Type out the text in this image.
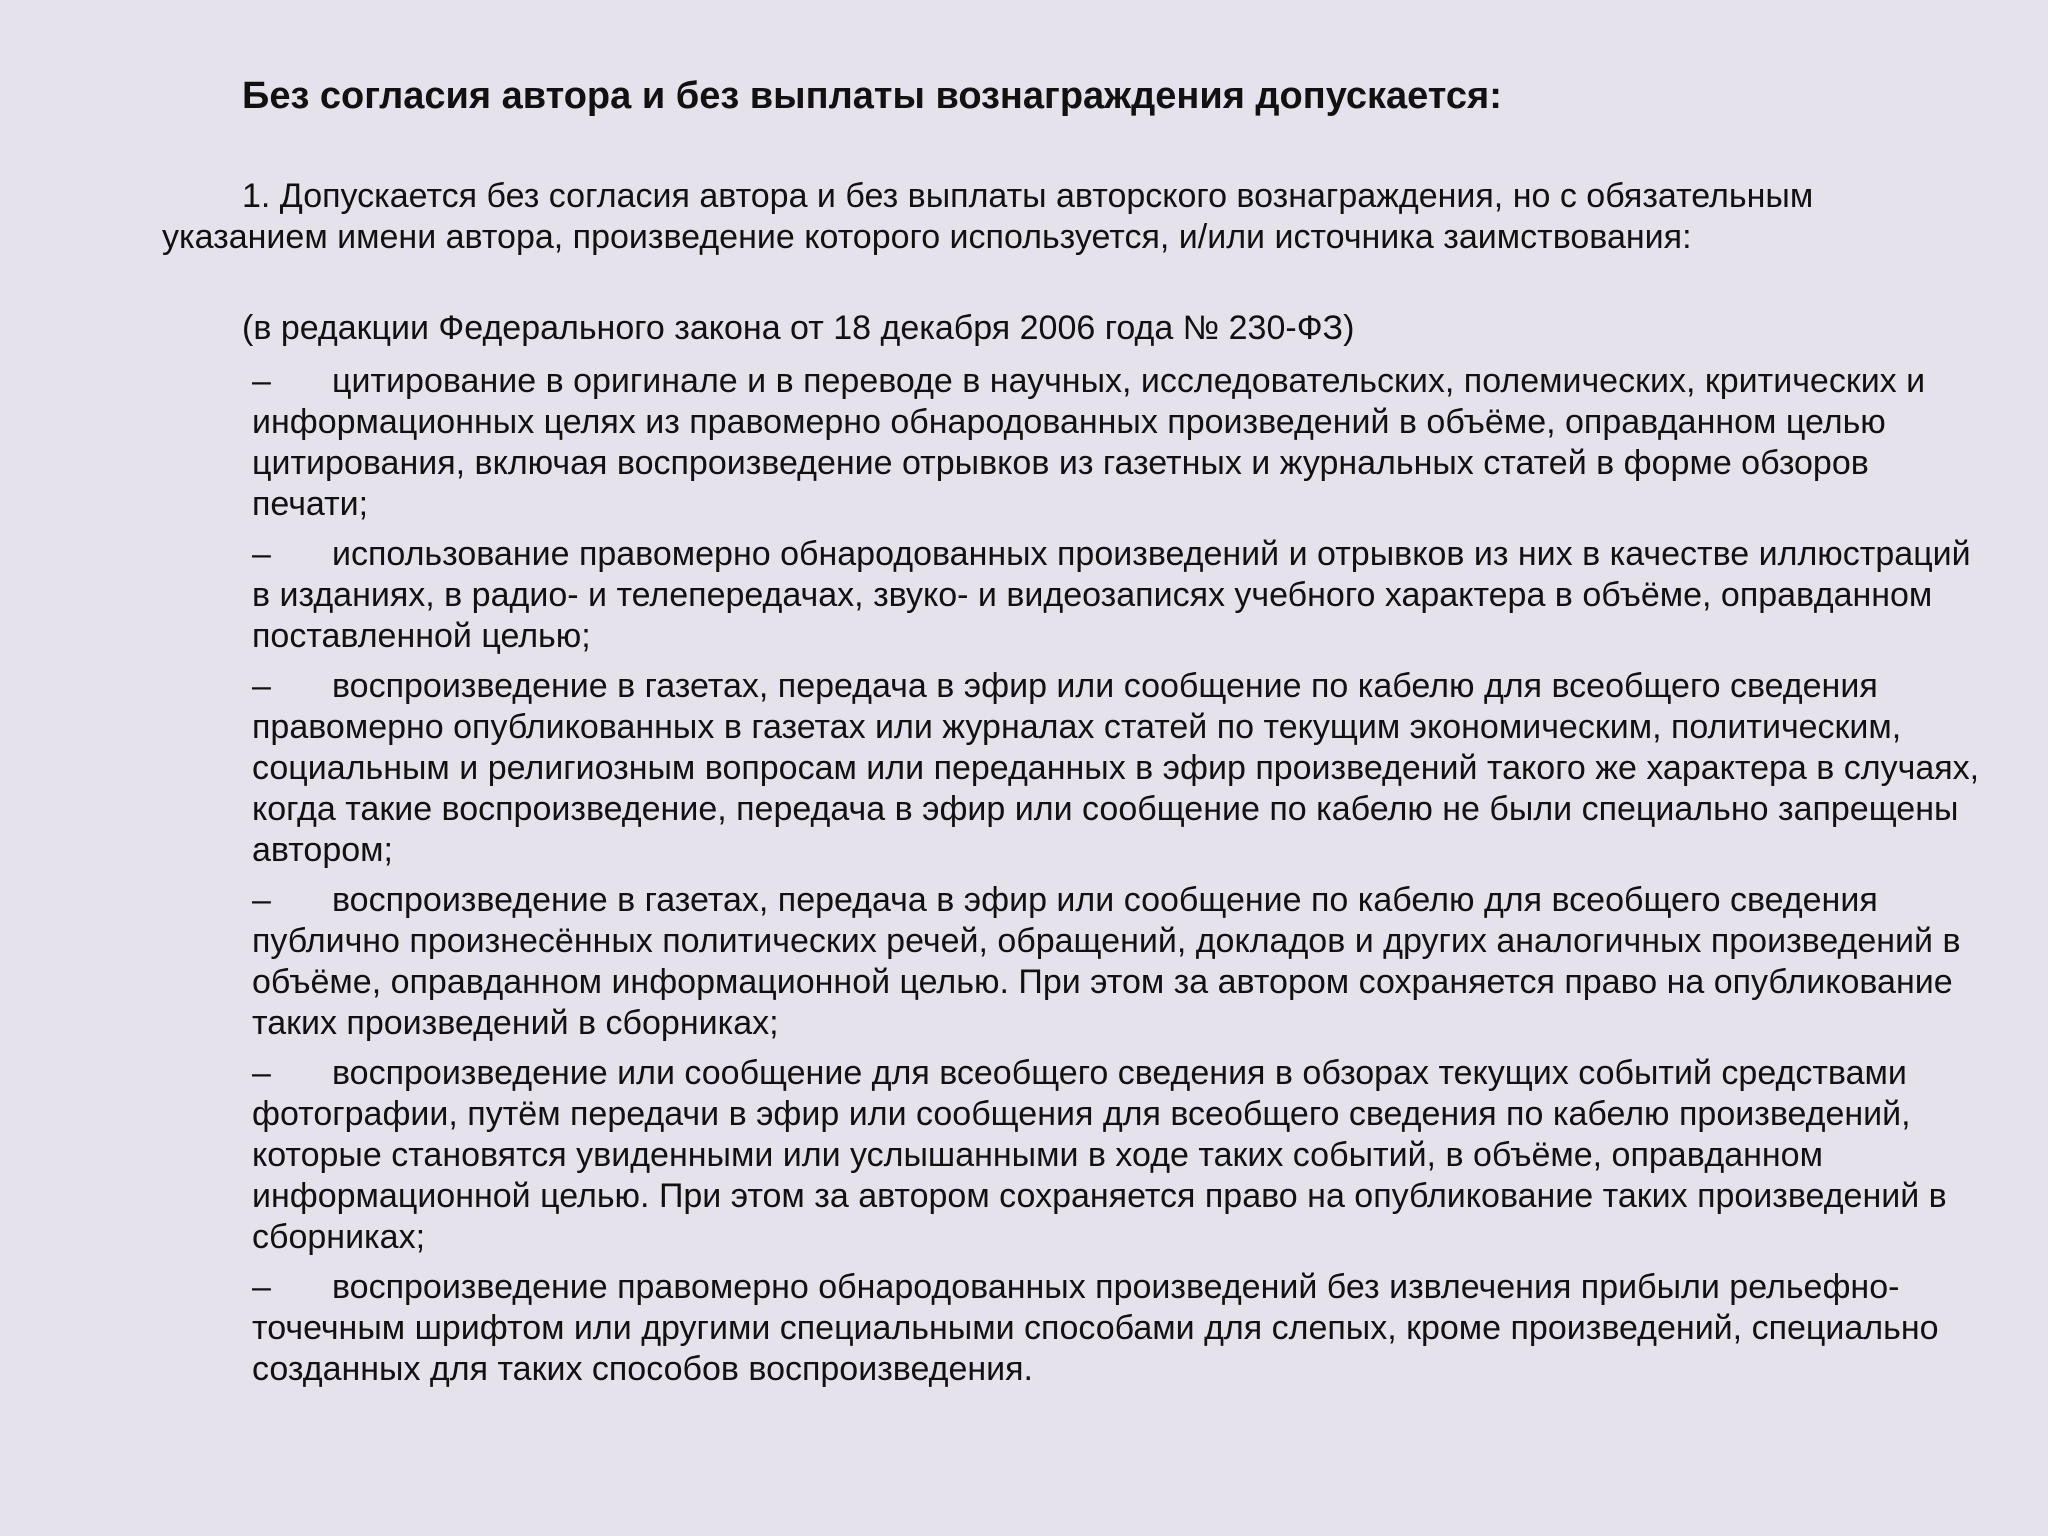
Без согласия автора и без выплаты вознаграждения допускается:

1. Допускается без согласия автора и без выплаты авторского вознаграждения, но с обязательным указанием имени автора, произведение которого используется, и/или источника заимствования:

(в редакции Федерального закона от 18 декабря 2006 года № 230-ФЗ)
– цитирование в оригинале и в переводе в научных, исследовательских, полемических, критических и информационных целях из правомерно обнародованных произведений в объёме, оправданном целью цитирования, включая воспроизведение отрывков из газетных и журнальных статей в форме обзоров печати;
– использование правомерно обнародованных произведений и отрывков из них в качестве иллюстраций в изданиях, в радио- и телепередачах, звуко- и видеозаписях учебного характера в объёме, оправданном поставленной целью;
– воспроизведение в газетах, передача в эфир или сообщение по кабелю для всеобщего сведения правомерно опубликованных в газетах или журналах статей по текущим экономическим, политическим, социальным и религиозным вопросам или переданных в эфир произведений такого же характера в случаях, когда такие воспроизведение, передача в эфир или сообщение по кабелю не были специально запрещены автором;
– воспроизведение в газетах, передача в эфир или сообщение по кабелю для всеобщего сведения публично произнесённых политических речей, обращений, докладов и других аналогичных произведений в объёме, оправданном информационной целью. При этом за автором сохраняется право на опубликование таких произведений в сборниках;
– воспроизведение или сообщение для всеобщего сведения в обзорах текущих событий средствами фотографии, путём передачи в эфир или сообщения для всеобщего сведения по кабелю произведений, которые становятся увиденными или услышанными в ходе таких событий, в объёме, оправданном информационной целью. При этом за автором сохраняется право на опубликование таких произведений в сборниках;
– воспроизведение правомерно обнародованных произведений без извлечения прибыли рельефно-точечным шрифтом или другими специальными способами для слепых, кроме произведений, специально созданных для таких способов воспроизведения.
